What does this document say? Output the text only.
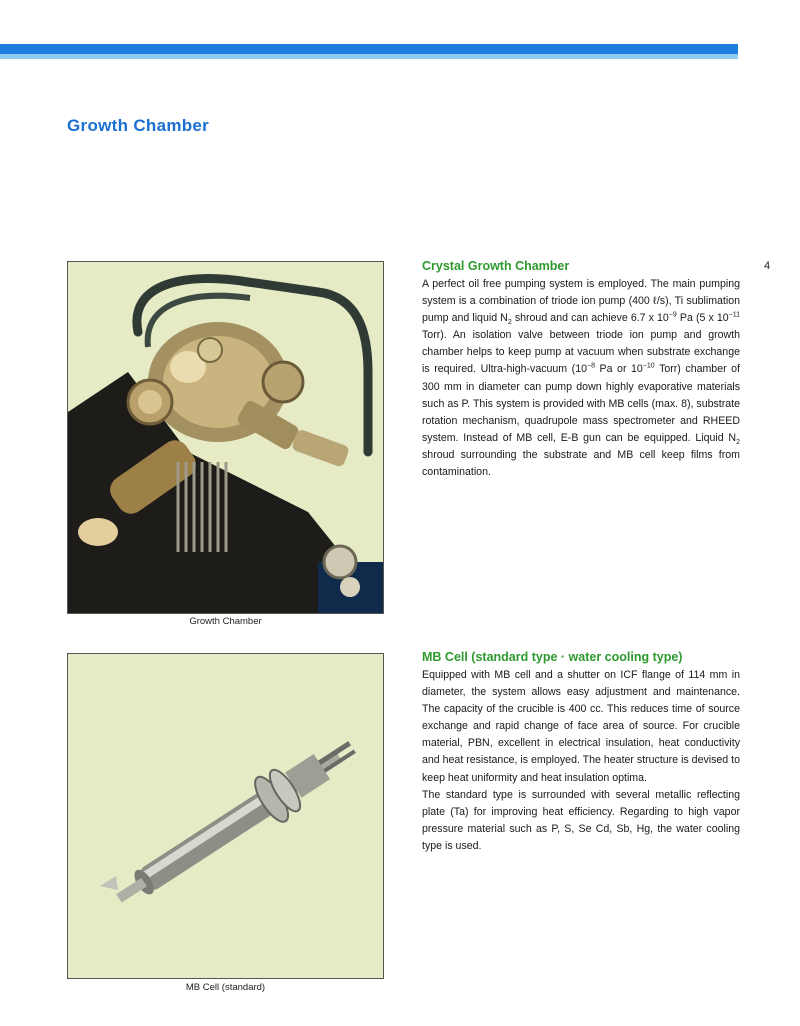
Growth Chamber
4
Growth Chamber
MB Cell (standard)
Crystal Growth Chamber

A perfect oil free pumping system is employed. The main pumping system is a combination of triode ion pump (400 ℓ/s), Ti sublimation pump and liquid $N_2$ shroud and can achieve 6.7 x $10^{-9}$ Pa (5 x $10^{-11}$ Torr). An isolation valve between triode ion pump and growth chamber helps to keep pump at vacuum when substrate exchange is required. Ultra-high-vacuum ($10^{-8}$ Pa or $10^{-10}$ Torr) chamber of 300 mm in diameter can pump down highly evaporative materials such as P. This system is provided with MB cells (max. 8), substrate rotation mechanism, quadrupole mass spectrometer and RHEED system. Instead of MB cell, E-B gun can be equipped. Liquid $N_2$ shroud surrounding the substrate and MB cell keep films from contamination.

MB Cell (standard type · water cooling type)

Equipped with MB cell and a shutter on ICF flange of 114 mm in diameter, the system allows easy adjustment and maintenance. The capacity of the crucible is 400 cc. This reduces time of source exchange and rapid change of face area of source. For crucible material, PBN, excellent in electrical insulation, heat conductivity and heat resistance, is employed. The heater structure is devised to keep heat uniformity and heat insulation optima.

The standard type is surrounded with several metallic reflecting plate (Ta) for improving heat efficiency. Regarding to high vapor pressure material such as P, S, Se Cd, Sb, Hg, the water cooling type is used.
